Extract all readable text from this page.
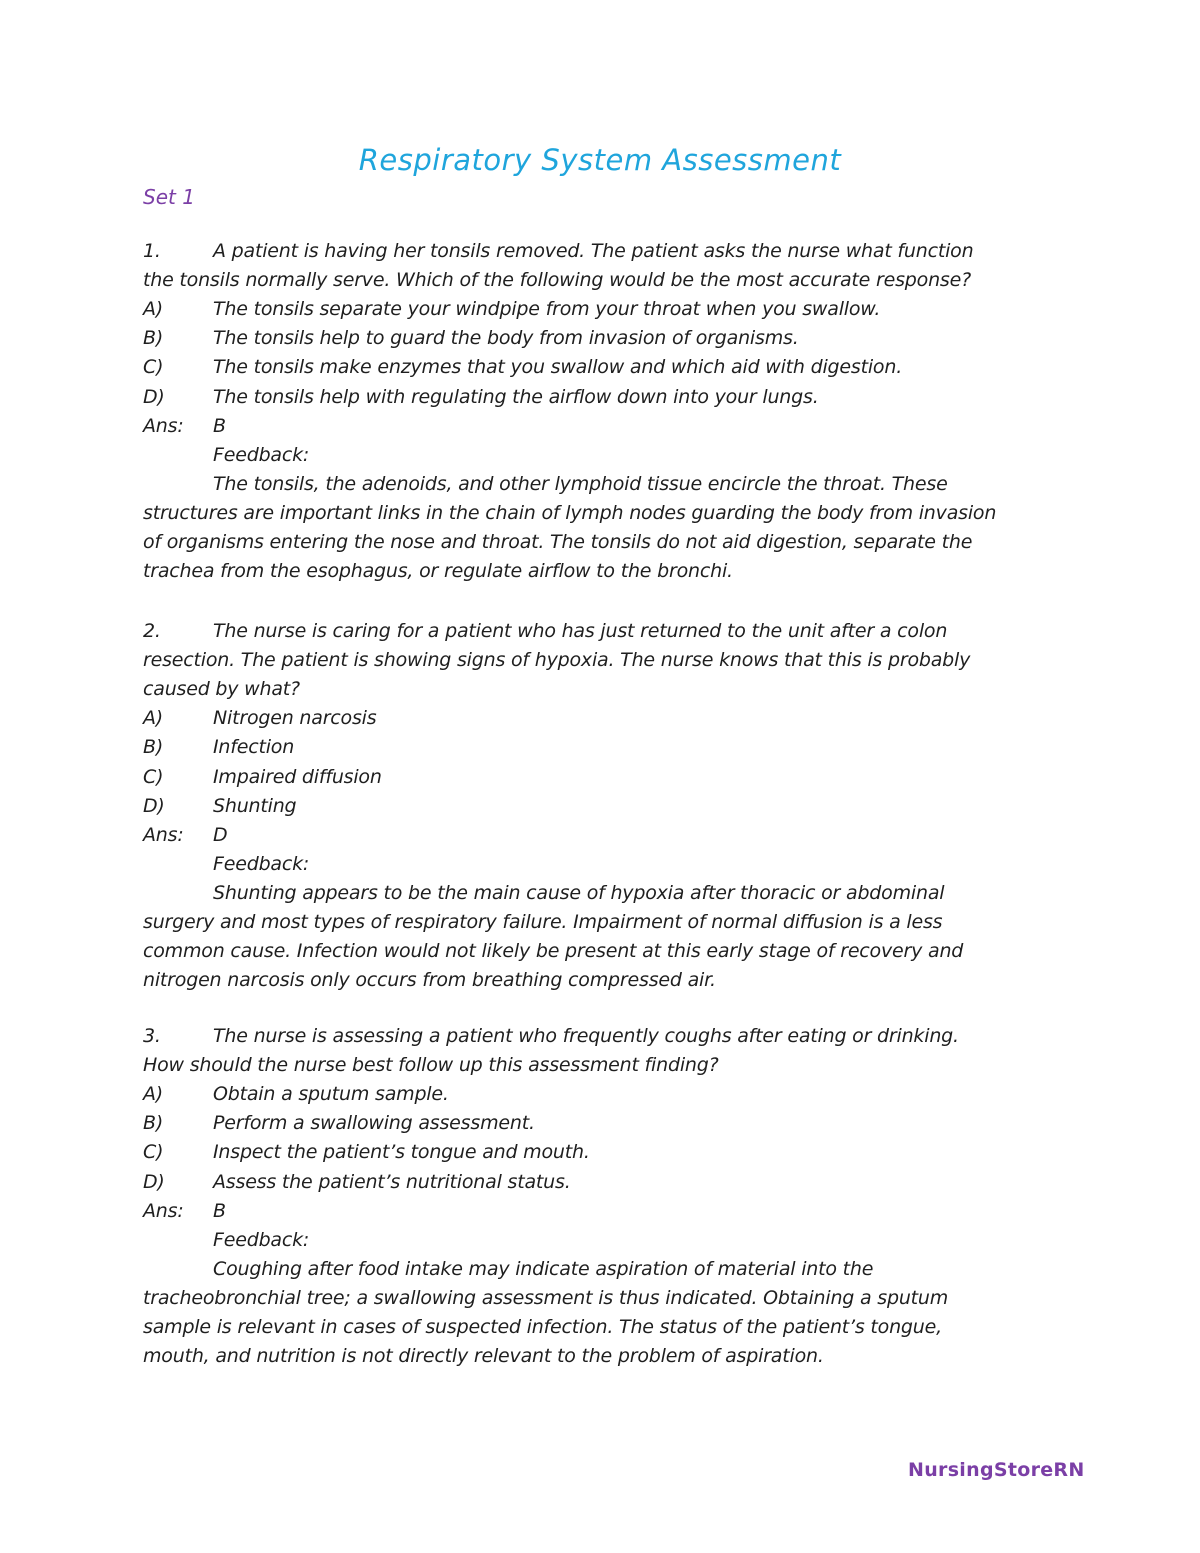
Respiratory System Assessment
Set 1
1.	A patient is having her tonsils removed. The patient asks the nurse what function
the tonsils normally serve. Which of the following would be the most accurate response?
A)	The tonsils separate your windpipe from your throat when you swallow.
B)	The tonsils help to guard the body from invasion of organisms.
C)	The tonsils make enzymes that you swallow and which aid with digestion.
D)	The tonsils help with regulating the airflow down into your lungs.
Ans: B
Feedback:
The tonsils, the adenoids, and other lymphoid tissue encircle the throat. These
structures are important links in the chain of lymph nodes guarding the body from invasion
of organisms entering the nose and throat. The tonsils do not aid digestion, separate the
trachea from the esophagus, or regulate airflow to the bronchi.
2.	The nurse is caring for a patient who has just returned to the unit after a colon
resection. The patient is showing signs of hypoxia. The nurse knows that this is probably
caused by what?
A)	Nitrogen narcosis
B)	Infection
C)	Impaired diffusion
D)	Shunting
Ans: D
Feedback:
Shunting appears to be the main cause of hypoxia after thoracic or abdominal
surgery and most types of respiratory failure. Impairment of normal diffusion is a less
common cause. Infection would not likely be present at this early stage of recovery and
nitrogen narcosis only occurs from breathing compressed air.
3.	The nurse is assessing a patient who frequently coughs after eating or drinking.
How should the nurse best follow up this assessment finding?
A)	Obtain a sputum sample.
B)	Perform a swallowing assessment.
C)	Inspect the patient’s tongue and mouth.
D)	Assess the patient’s nutritional status.
Ans: B
Feedback:
Coughing after food intake may indicate aspiration of material into the
tracheobronchial tree; a swallowing assessment is thus indicated. Obtaining a sputum
sample is relevant in cases of suspected infection. The status of the patient’s tongue,
mouth, and nutrition is not directly relevant to the problem of aspiration.
NursingStoreRN
